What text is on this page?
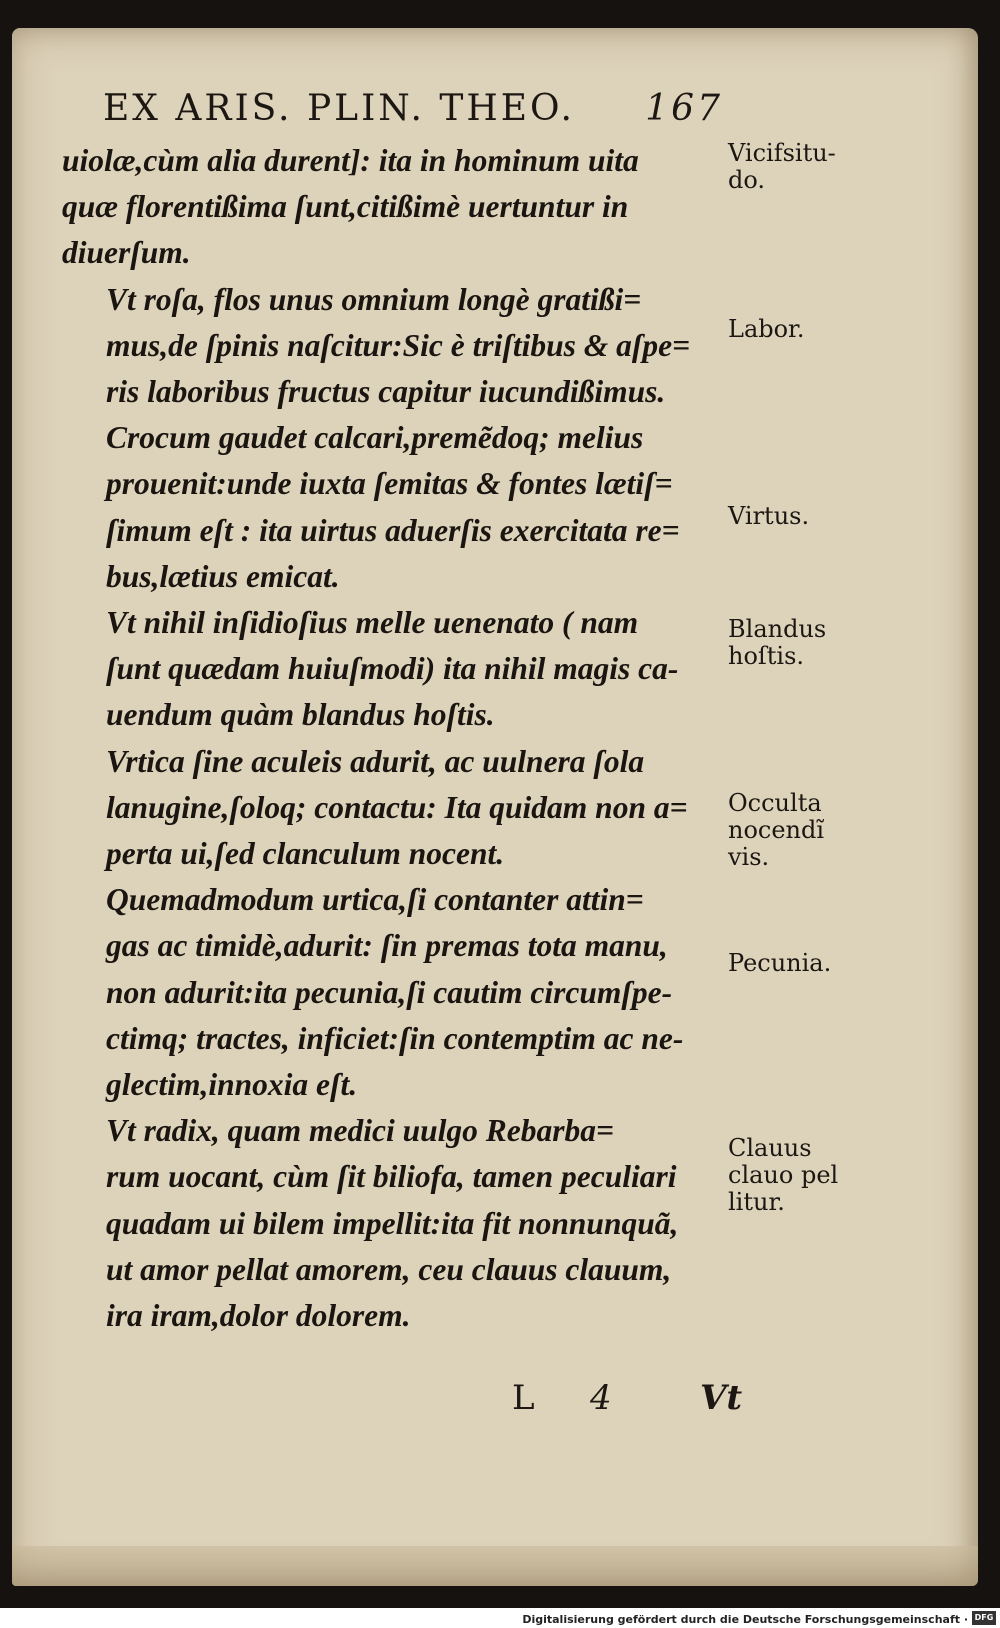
EX ARIS. PLIN. THEO. 167

uiolæ,cùm alia durent]: ita in hominum uita
quæ florentißima ſunt,citißimè uertuntur in
diuerſum.

Vt roſa, flos unus omnium longè gratißi=
mus,de ſpinis naſcitur:Sic è triſtibus & aſpe=
ris laboribus fructus capitur iucundißimus.

Crocum gaudet calcari,premẽdoq; melius
prouenit:unde iuxta ſemitas & fontes lætiſ=
ſimum eſt : ita uirtus aduerſis exercitata re=
bus,lætius emicat.

Vt nihil inſidioſius melle uenenato ( nam
ſunt quædam huiuſmodi) ita nihil magis ca-
uendum quàm blandus hoſtis.

Vrtica ſine aculeis adurit, ac uulnera ſola
lanugine,ſoloq; contactu: Ita quidam non a=
perta ui,ſed clanculum nocent.

Quemadmodum urtica,ſi contanter attin=
gas ac timidè,adurit: ſin premas tota manu,
non adurit:ita pecunia,ſi cautim circumſpe-
ctimq; tractes, inficiet:ſin contemptim ac ne-
glectim,innoxia eſt.

Vt radix, quam medici uulgo Rebarba=
rum uocant, cùm ſit biliofa, tamen peculiari
quadam ui bilem impellit:ita fit nonnunquã,
ut amor pellat amorem, ceu clauus clauum,
ira iram,dolor dolorem.

Vicifsitu-
do.
Labor.
Virtus.
Blandus
hoſtis.
Occulta
nocendĩ
vis.
Pecunia.
Clauus
clauo pel
litur.
L 4	Vt
Digitalisierung gefördert durch die Deutsche Forschungsgemeinschaft · DFG
